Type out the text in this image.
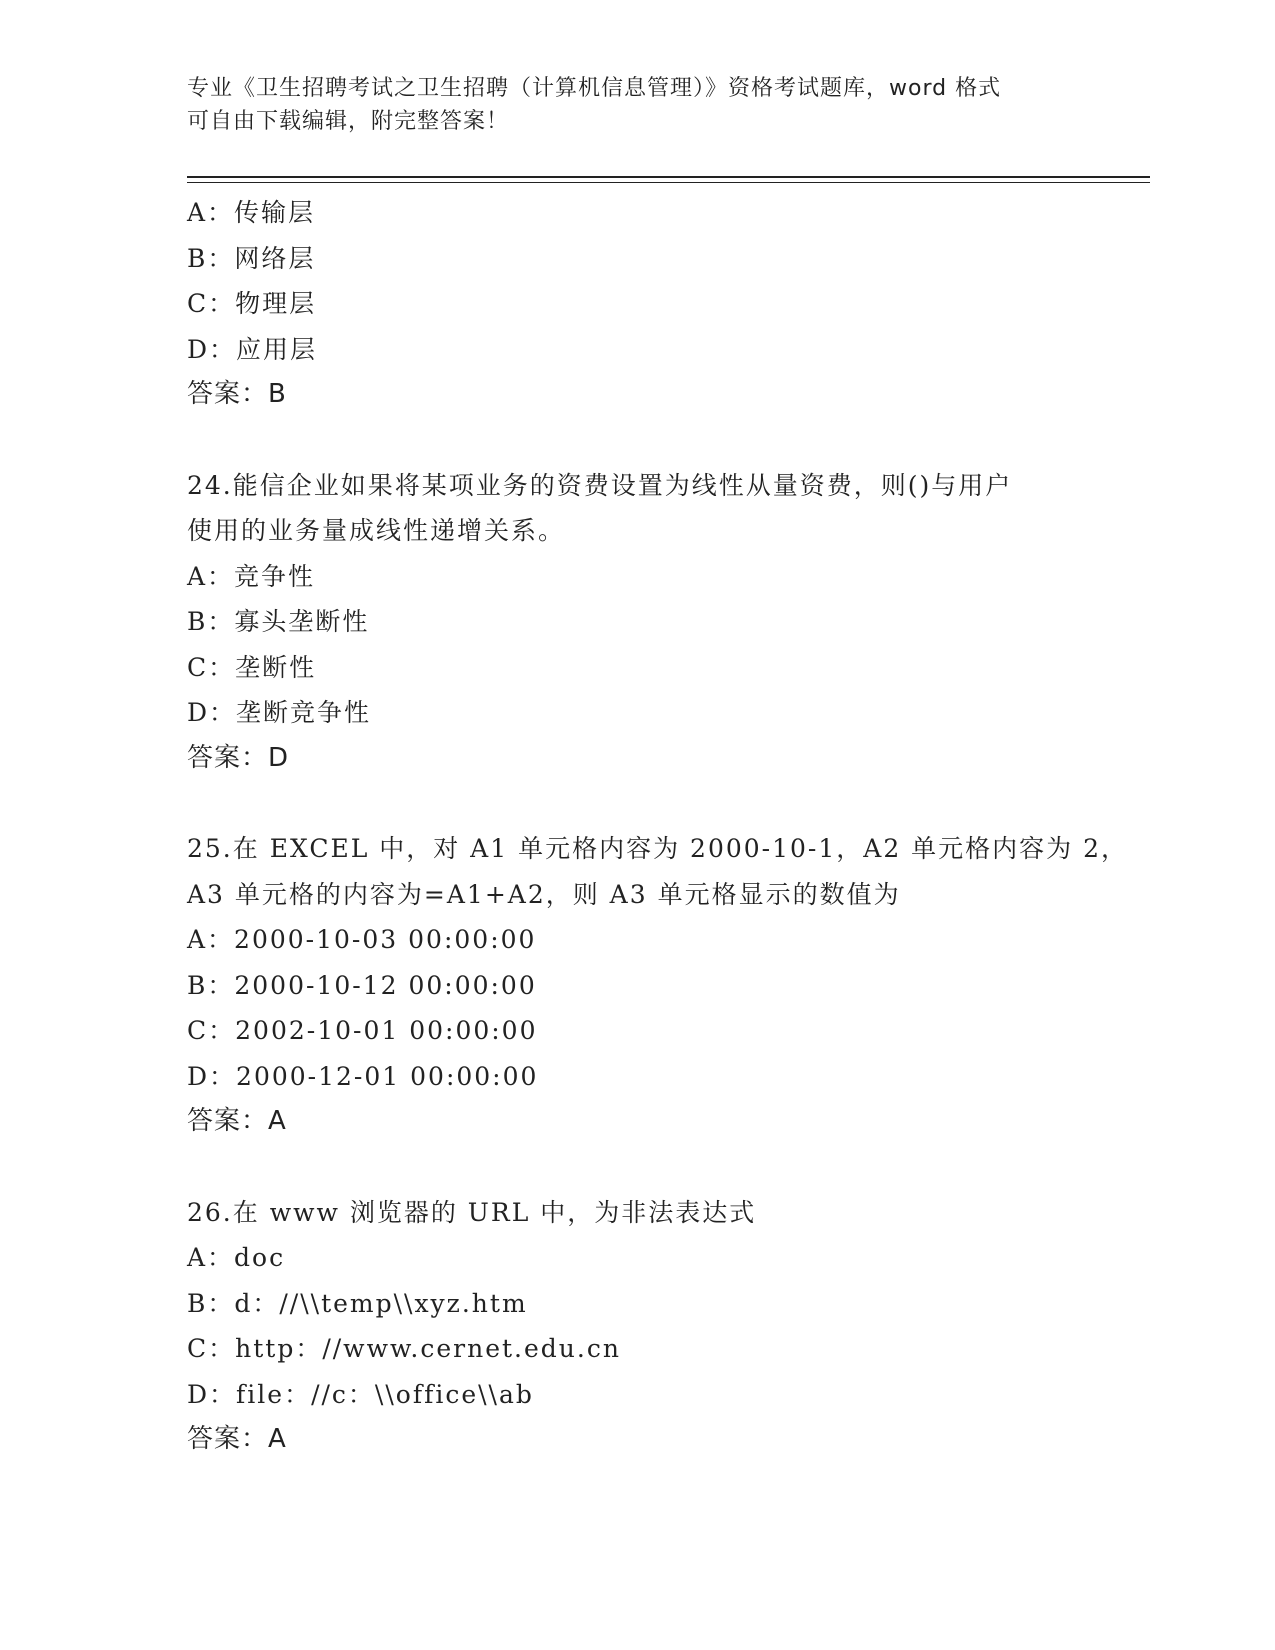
专业《卫生招聘考试之卫生招聘（计算机信息管理）》资格考试题库，word 格式
可自由下载编辑，附完整答案！
A：传输层
B：网络层
C：物理层
D：应用层
答案：B
24.能信企业如果将某项业务的资费设置为线性从量资费，则()与用户
使用的业务量成线性递增关系。
A：竞争性
B：寡头垄断性
C：垄断性
D：垄断竞争性
答案：D
25.在 EXCEL 中，对 A1 单元格内容为 2000-10-1，A2 单元格内容为 2，
A3 单元格的内容为=A1+A2，则 A3 单元格显示的数值为
A：2000-10-03 00:00:00
B：2000-10-12 00:00:00
C：2002-10-01 00:00:00
D：2000-12-01 00:00:00
答案：A
26.在 www 浏览器的 URL 中，为非法表达式
A：doc
B：d：//\\temp\\xyz.htm
C：http：//www.cernet.edu.cn
D：file：//c：\\office\\ab
答案：A
